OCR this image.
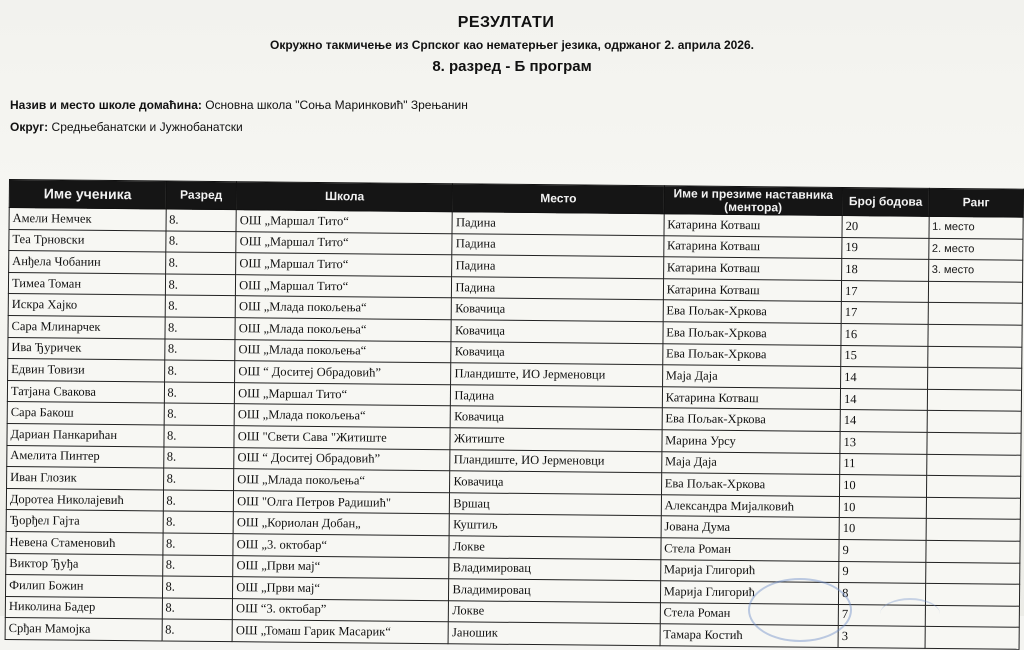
РЕЗУЛТАТИ
Окружно такмичење из Српског као нематерњег језика, одржаног 2. априла 2026.
8. разред - Б програм
Назив и место школе домаћина: Основна школа "Соња Маринковић" Зрењанин
Округ: Средњебанатски и Јужнобанатски
Име ученика	Разред	Школа	Место	Име и презиме наставника (ментора)	Број бодова	Ранг
Амели Немчек	8.	ОШ „Маршал Тито“	Падина	Катарина Котваш	20	1. место
Теа Трновски	8.	ОШ „Маршал Тито“	Падина	Катарина Котваш	19	2. место
Анђела Чобанин	8.	ОШ „Маршал Тито“	Падина	Катарина Котваш	18	3. место
Тимеа Томан	8.	ОШ „Маршал Тито“	Падина	Катарина Котваш	17	
Искра Хајко	8.	ОШ „Млада покољења“	Ковачица	Ева Пољак-Хркова	17	
Сара Млинарчек	8.	ОШ „Млада покољења“	Ковачица	Ева Пољак-Хркова	16	
Ива Ђуричек	8.	ОШ „Млада покољења“	Ковачица	Ева Пољак-Хркова	15	
Едвин Товизи	8.	ОШ “ Доситеј Обрадовић”	Пландиште, ИО Јерменовци	Маја Даја	14	
Татјана Свакова	8.	ОШ „Маршал Тито“	Падина	Катарина Котваш	14	
Сара Бакош	8.	ОШ „Млада покољења“	Ковачица	Ева Пољак-Хркова	14	
Дариан Панкарићан	8.	ОШ "Свети Сава "Житиште	Житиште	Марина Урсу	13	
Амелита Пинтер	8.	ОШ “ Доситеј Обрадовић”	Пландиште, ИО Јерменовци	Маја Даја	11	
Иван Глозик	8.	ОШ „Млада покољења“	Ковачица	Ева Пољак-Хркова	10	
Доротеа Николајевић	8.	ОШ "Олга Петров Радишић"	Вршац	Александра Мијалковић	10	
Ђорђел Гајта	8.	ОШ „Кориолан Добан„	Куштиљ	Јована Дума	10	
Невена Стаменовић	8.	ОШ „3. октобар“	Локве	Стела Роман	9	
Виктор Ђуђа	8.	ОШ „Први мај“	Владимировац	Марија Глигорић	9	
Филип Божин	8.	ОШ „Први мај“	Владимировац	Марија Глигорић	8	
Николина Бадер	8.	ОШ “3. октобар”	Локве	Стела Роман	7	
Срђан Мамојка	8.	ОШ „Томаш Гарик Масарик“	Јаношик	Тамара Костић	3	
